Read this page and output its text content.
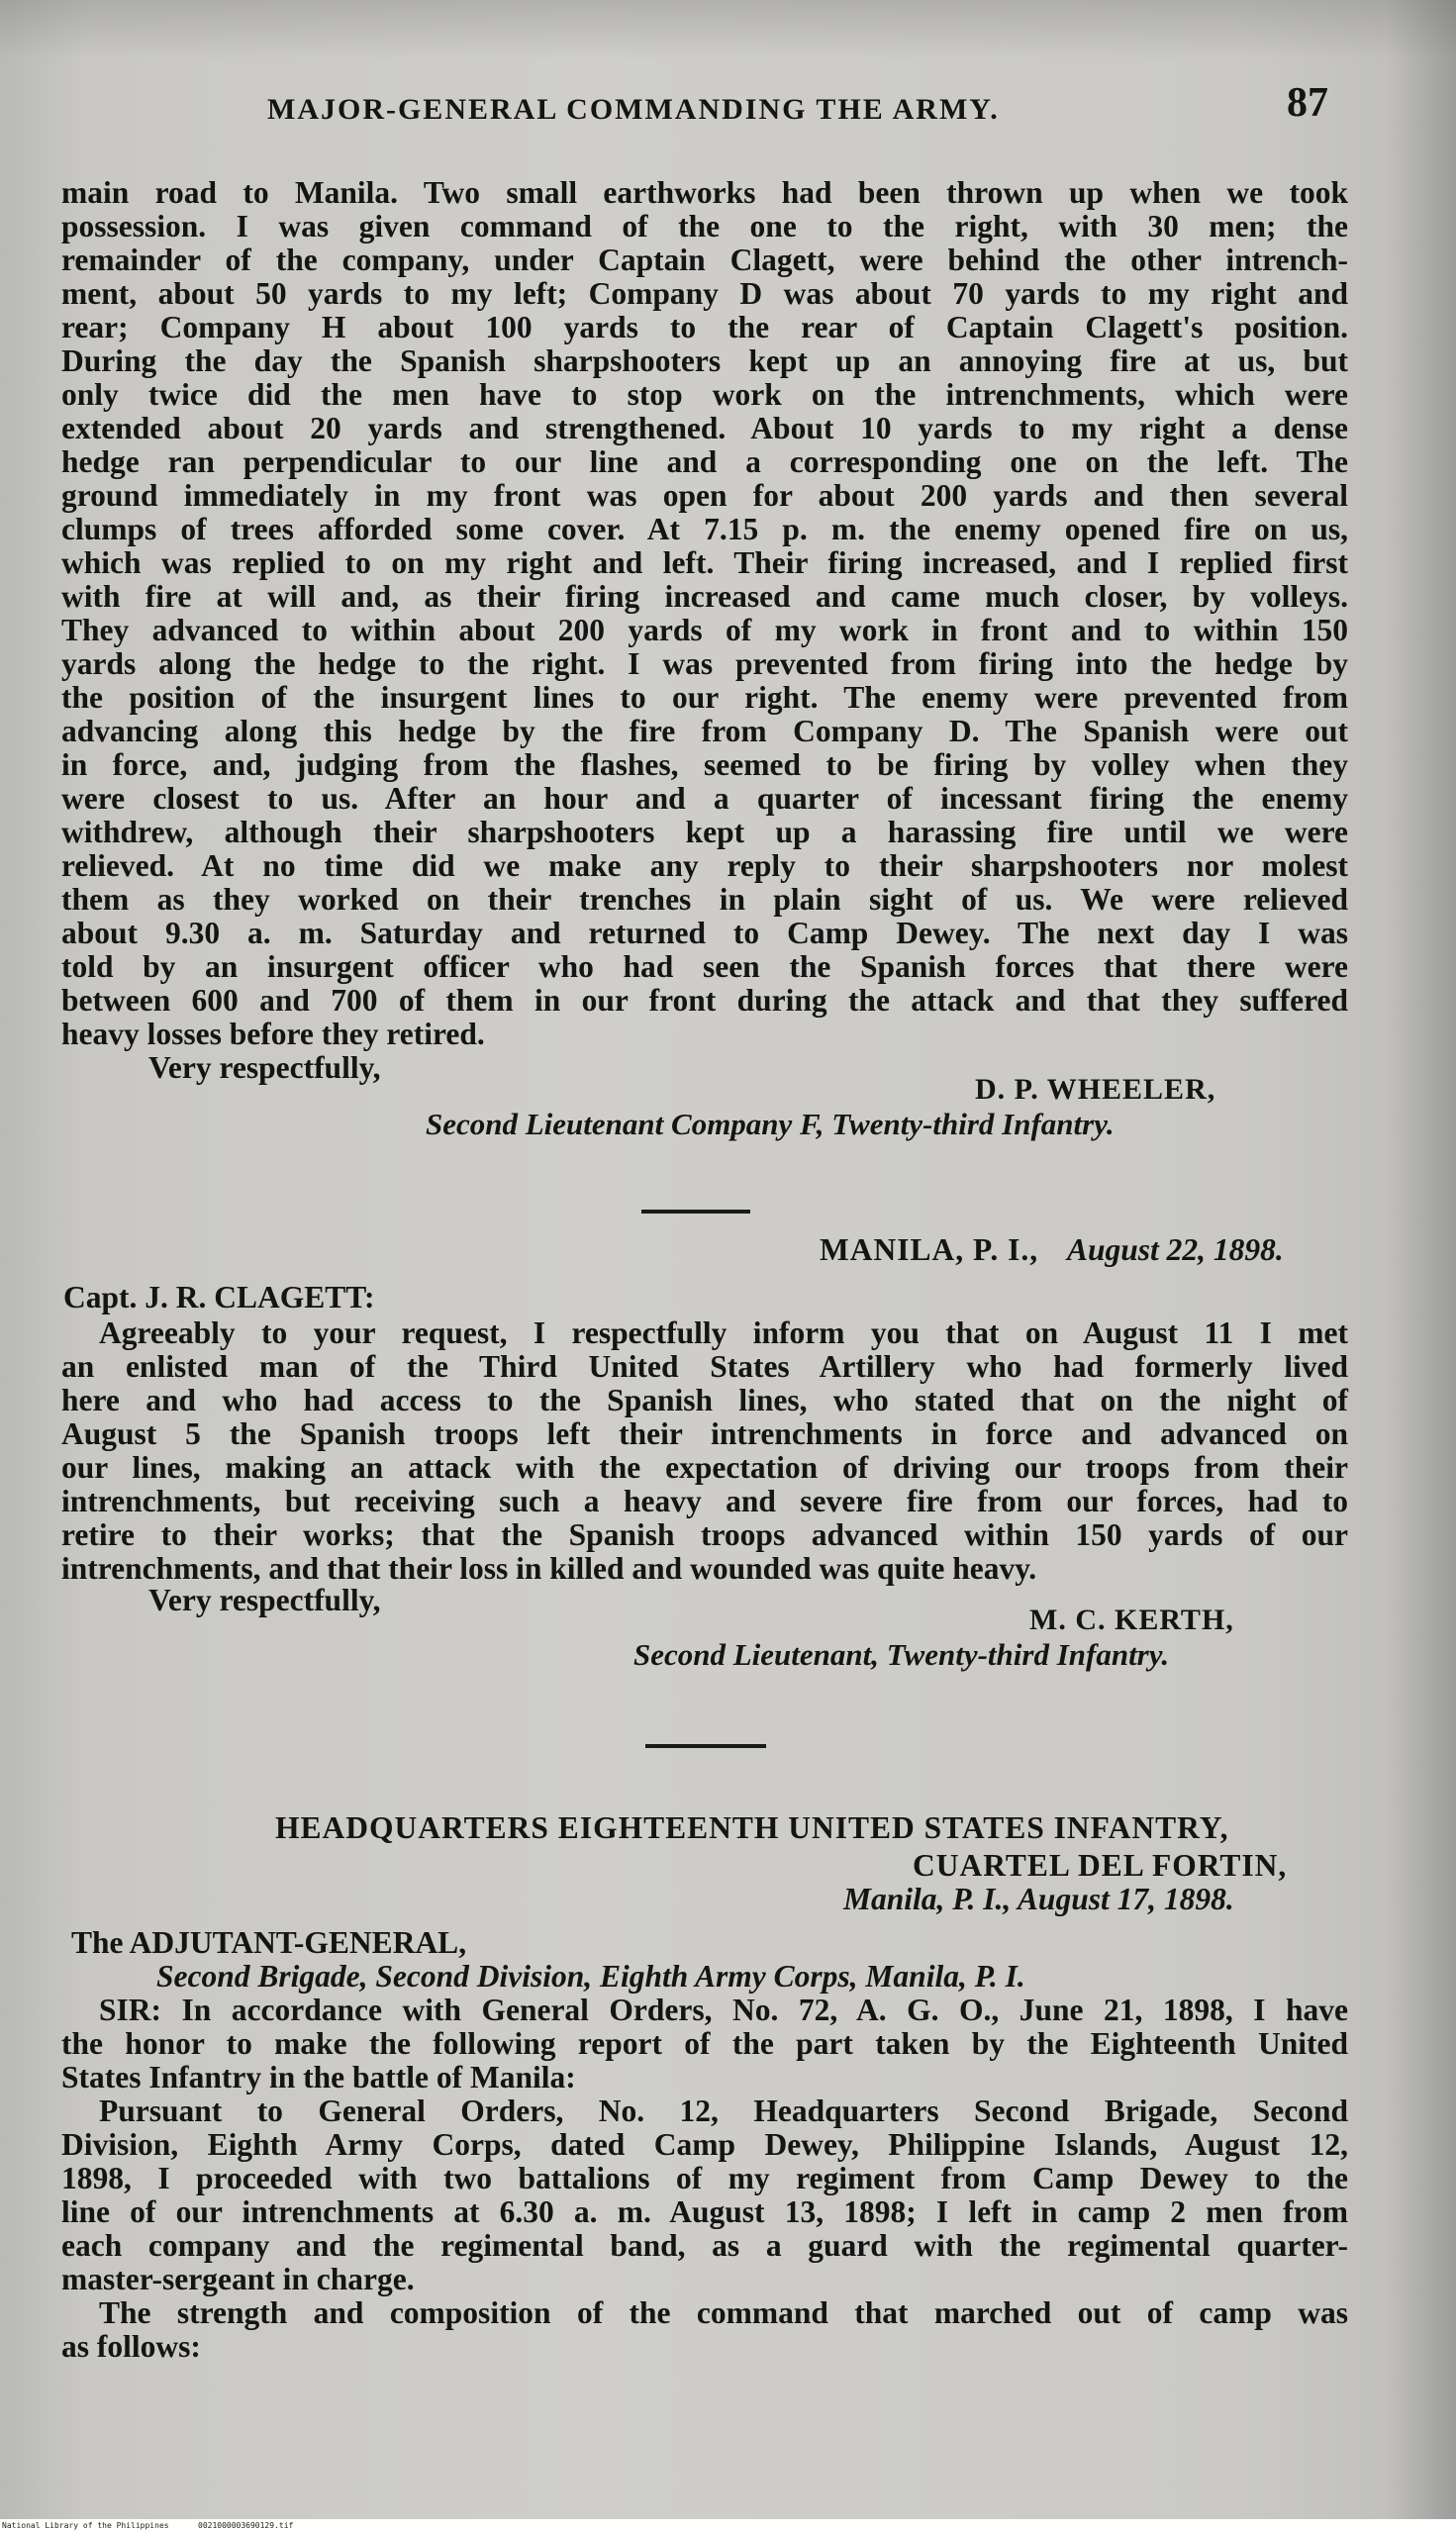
MAJOR-GENERAL COMMANDING THE ARMY.	87
main road to Manila. Two small earthworks had been thrown up when we took
possession. I was given command of the one to the right, with 30 men; the
remainder of the company, under Captain Clagett, were behind the other intrench-
ment, about 50 yards to my left; Company D was about 70 yards to my right and
rear; Company H about 100 yards to the rear of Captain Clagett's position.
During the day the Spanish sharpshooters kept up an annoying fire at us, but
only twice did the men have to stop work on the intrenchments, which were
extended about 20 yards and strengthened. About 10 yards to my right a dense
hedge ran perpendicular to our line and a corresponding one on the left. The
ground immediately in my front was open for about 200 yards and then several
clumps of trees afforded some cover. At 7.15 p. m. the enemy opened fire on us,
which was replied to on my right and left. Their firing increased, and I replied first
with fire at will and, as their firing increased and came much closer, by volleys.
They advanced to within about 200 yards of my work in front and to within 150
yards along the hedge to the right. I was prevented from firing into the hedge by
the position of the insurgent lines to our right. The enemy were prevented from
advancing along this hedge by the fire from Company D. The Spanish were out
in force, and, judging from the flashes, seemed to be firing by volley when they
were closest to us. After an hour and a quarter of incessant firing the enemy
withdrew, although their sharpshooters kept up a harassing fire until we were
relieved. At no time did we make any reply to their sharpshooters nor molest
them as they worked on their trenches in plain sight of us. We were relieved
about 9.30 a. m. Saturday and returned to Camp Dewey. The next day I was
told by an insurgent officer who had seen the Spanish forces that there were
between 600 and 700 of them in our front during the attack and that they suffered
heavy losses before they retired.
Very respectfully,
D. P. WHEELER,
Second Lieutenant Company F, Twenty-third Infantry.
MANILA, P. I., August 22, 1898.
Capt. J. R. CLAGETT:
Agreeably to your request, I respectfully inform you that on August 11 I met
an enlisted man of the Third United States Artillery who had formerly lived
here and who had access to the Spanish lines, who stated that on the night of
August 5 the Spanish troops left their intrenchments in force and advanced on
our lines, making an attack with the expectation of driving our troops from their
intrenchments, but receiving such a heavy and severe fire from our forces, had to
retire to their works; that the Spanish troops advanced within 150 yards of our
intrenchments, and that their loss in killed and wounded was quite heavy.
Very respectfully,
M. C. KERTH,
Second Lieutenant, Twenty-third Infantry.
HEADQUARTERS EIGHTEENTH UNITED STATES INFANTRY,
CUARTEL DEL FORTIN,
Manila, P. I., August 17, 1898.
The ADJUTANT-GENERAL,
Second Brigade, Second Division, Eighth Army Corps, Manila, P. I.
SIR: In accordance with General Orders, No. 72, A. G. O., June 21, 1898, I have
the honor to make the following report of the part taken by the Eighteenth United
States Infantry in the battle of Manila:
Pursuant to General Orders, No. 12, Headquarters Second Brigade, Second
Division, Eighth Army Corps, dated Camp Dewey, Philippine Islands, August 12,
1898, I proceeded with two battalions of my regiment from Camp Dewey to the
line of our intrenchments at 6.30 a. m. August 13, 1898; I left in camp 2 men from
each company and the regimental band, as a guard with the regimental quarter-
master-sergeant in charge.
The strength and composition of the command that marched out of camp was
as follows:
National Library of the Philippines	0021000003690129.tif
